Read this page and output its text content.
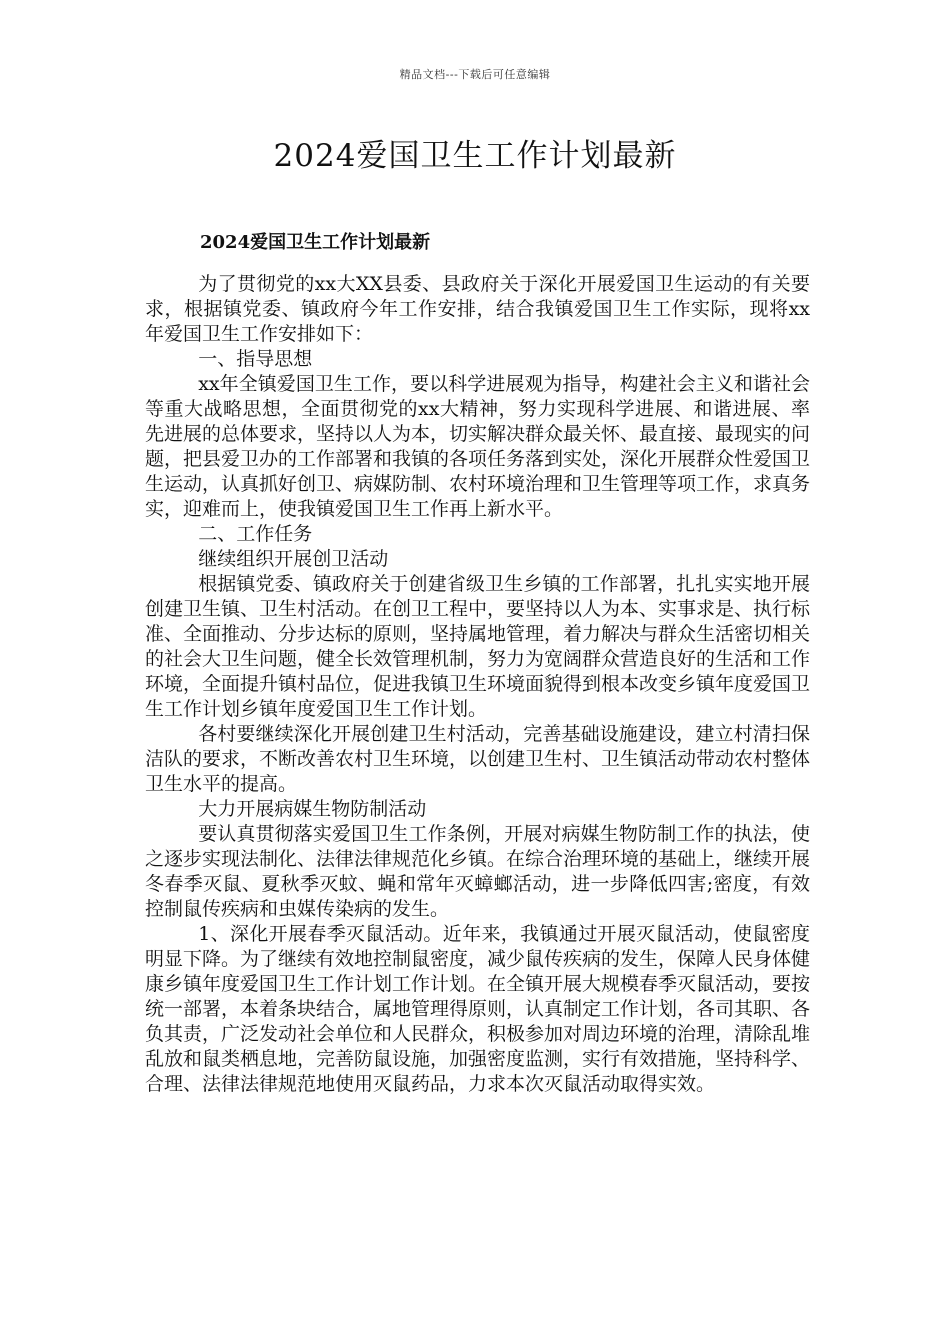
精品文档---下载后可任意编辑
2024爱国卫生工作计划最新
2024爱国卫生工作计划最新

为了贯彻党的xx大XX县委、县政府关于深化开展爱国卫生运动的有关要求，根据镇党委、镇政府今年工作安排，结合我镇爱国卫生工作实际，现将xx年爱国卫生工作安排如下：

一、指导思想

xx年全镇爱国卫生工作，要以科学进展观为指导，构建社会主义和谐社会等重大战略思想，全面贯彻党的xx大精神，努力实现科学进展、和谐进展、率先进展的总体要求，坚持以人为本，切实解决群众最关怀、最直接、最现实的问题，把县爱卫办的工作部署和我镇的各项任务落到实处，深化开展群众性爱国卫生运动，认真抓好创卫、病媒防制、农村环境治理和卫生管理等项工作，求真务实，迎难而上，使我镇爱国卫生工作再上新水平。

二、工作任务

继续组织开展创卫活动

根据镇党委、镇政府关于创建省级卫生乡镇的工作部署，扎扎实实地开展创建卫生镇、卫生村活动。在创卫工程中，要坚持以人为本、实事求是、执行标准、全面推动、分步达标的原则，坚持属地管理，着力解决与群众生活密切相关的社会大卫生问题，健全长效管理机制，努力为宽阔群众营造良好的生活和工作环境，全面提升镇村品位，促进我镇卫生环境面貌得到根本改变乡镇年度爱国卫生工作计划乡镇年度爱国卫生工作计划。

各村要继续深化开展创建卫生村活动，完善基础设施建设，建立村清扫保洁队的要求，不断改善农村卫生环境，以创建卫生村、卫生镇活动带动农村整体卫生水平的提高。

大力开展病媒生物防制活动

要认真贯彻落实爱国卫生工作条例，开展对病媒生物防制工作的执法，使之逐步实现法制化、法律法律规范化乡镇。在综合治理环境的基础上，继续开展冬春季灭鼠、夏秋季灭蚊、蝇和常年灭蟑螂活动，进一步降低四害;密度，有效控制鼠传疾病和虫媒传染病的发生。

1、深化开展春季灭鼠活动。近年来，我镇通过开展灭鼠活动，使鼠密度明显下降。为了继续有效地控制鼠密度，减少鼠传疾病的发生，保障人民身体健康乡镇年度爱国卫生工作计划工作计划。在全镇开展大规模春季灭鼠活动，要按统一部署，本着条块结合，属地管理得原则，认真制定工作计划，各司其职、各负其责，广泛发动社会单位和人民群众，积极参加对周边环境的治理，清除乱堆乱放和鼠类栖息地，完善防鼠设施，加强密度监测，实行有效措施，坚持科学、合理、法律法律规范地使用灭鼠药品，力求本次灭鼠活动取得实效。
